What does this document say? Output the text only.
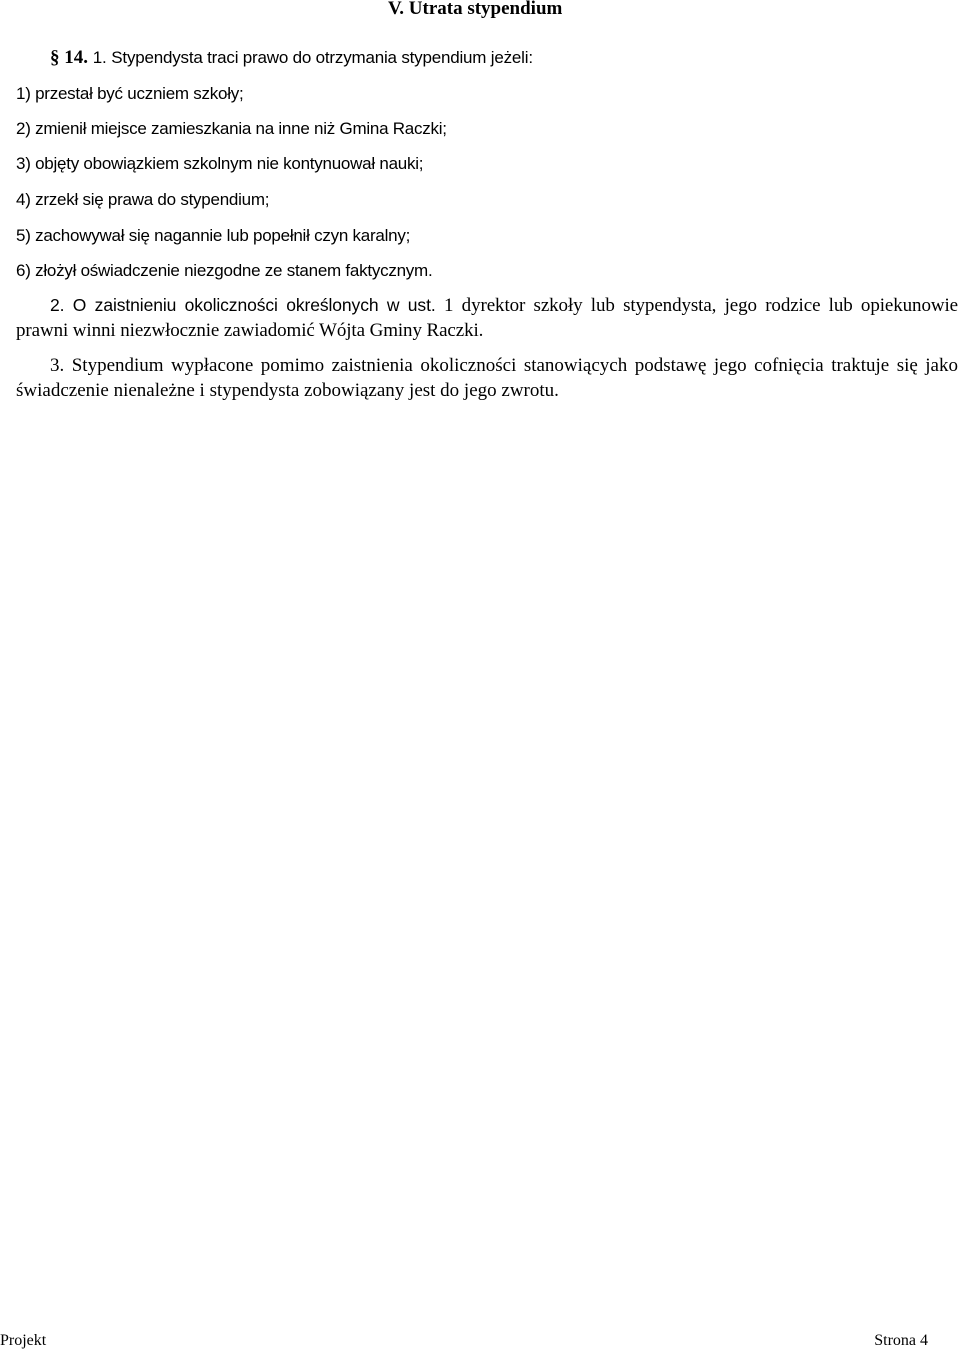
V. Utrata stypendium

§ 14. 1. Stypendysta traci prawo do otrzymania stypendium jeżeli:

1) przestał być uczniem szkoły;

2) zmienił miejsce zamieszkania na inne niż Gmina Raczki;

3) objęty obowiązkiem szkolnym nie kontynuował nauki;

4) zrzekł się prawa do stypendium;

5) zachowywał się nagannie lub popełnił czyn karalny;

6) złożył oświadczenie niezgodne ze stanem faktycznym.

2. O zaistnieniu okoliczności określonych w ust. 1 dyrektor szkoły lub stypendysta, jego rodzice lub opiekunowie prawni winni niezwłocznie zawiadomić Wójta Gminy Raczki.

3. Stypendium wypłacone pomimo zaistnienia okoliczności stanowiących podstawę jego cofnięcia traktuje się jako świadczenie nienależne i stypendysta zobowiązany jest do jego zwrotu.

Projekt	Strona 4
